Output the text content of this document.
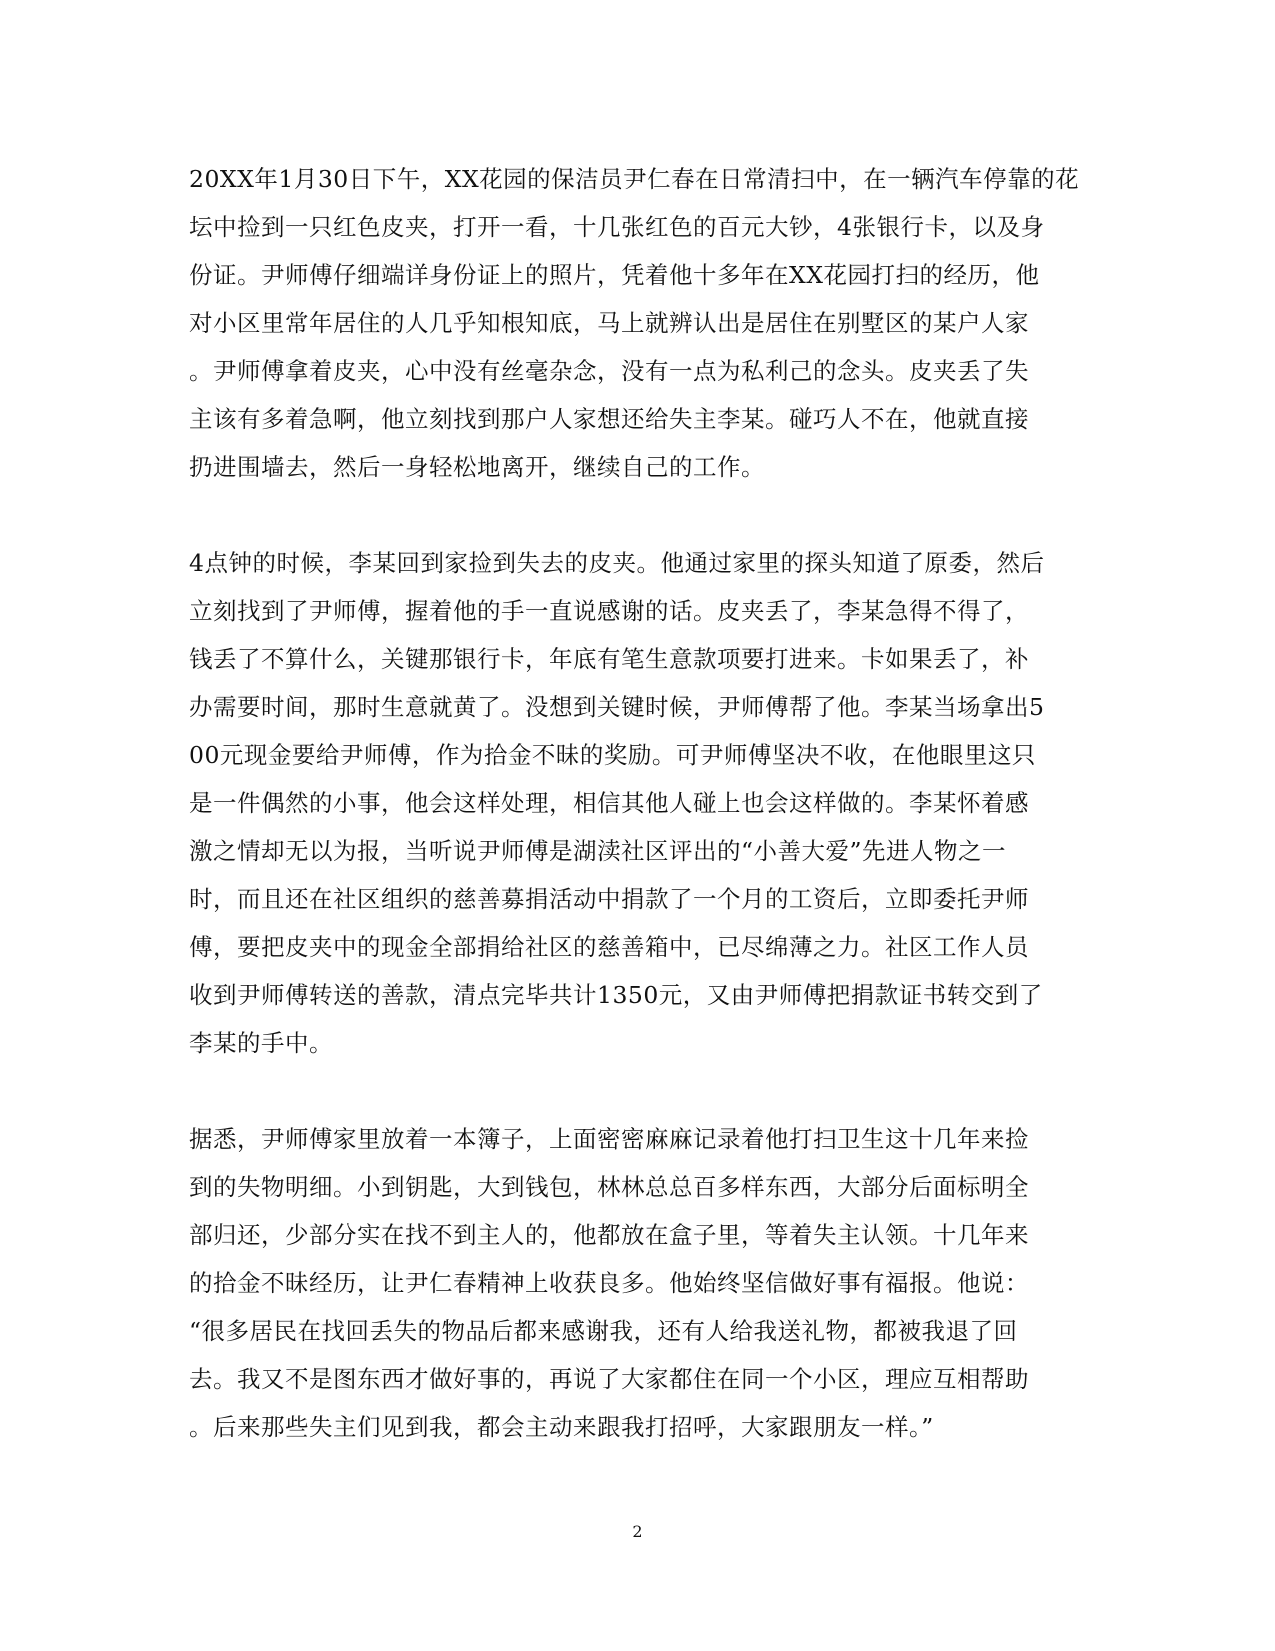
20XX年1月30日下午，XX花园的保洁员尹仁春在日常清扫中，在一辆汽车停靠的花
坛中捡到一只红色皮夹，打开一看，十几张红色的百元大钞，4张银行卡，以及身
份证。尹师傅仔细端详身份证上的照片，凭着他十多年在XX花园打扫的经历，他
对小区里常年居住的人几乎知根知底，马上就辨认出是居住在别墅区的某户人家
。尹师傅拿着皮夹，心中没有丝毫杂念，没有一点为私利己的念头。皮夹丢了失
主该有多着急啊，他立刻找到那户人家想还给失主李某。碰巧人不在，他就直接
扔进围墙去，然后一身轻松地离开，继续自己的工作。

4点钟的时候，李某回到家捡到失去的皮夹。他通过家里的探头知道了原委，然后
立刻找到了尹师傅，握着他的手一直说感谢的话。皮夹丢了，李某急得不得了，
钱丢了不算什么，关键那银行卡，年底有笔生意款项要打进来。卡如果丢了，补
办需要时间，那时生意就黄了。没想到关键时候，尹师傅帮了他。李某当场拿出5
00元现金要给尹师傅，作为拾金不昧的奖励。可尹师傅坚决不收，在他眼里这只
是一件偶然的小事，他会这样处理，相信其他人碰上也会这样做的。李某怀着感
激之情却无以为报，当听说尹师傅是湖渎社区评出的“小善大爱”先进人物之一
时，而且还在社区组织的慈善募捐活动中捐款了一个月的工资后，立即委托尹师
傅，要把皮夹中的现金全部捐给社区的慈善箱中，已尽绵薄之力。社区工作人员
收到尹师傅转送的善款，清点完毕共计1350元，又由尹师傅把捐款证书转交到了
李某的手中。

据悉，尹师傅家里放着一本簿子，上面密密麻麻记录着他打扫卫生这十几年来捡
到的失物明细。小到钥匙，大到钱包，林林总总百多样东西，大部分后面标明全
部归还，少部分实在找不到主人的，他都放在盒子里，等着失主认领。十几年来
的拾金不昧经历，让尹仁春精神上收获良多。他始终坚信做好事有福报。他说：
“很多居民在找回丢失的物品后都来感谢我，还有人给我送礼物，都被我退了回
去。我又不是图东西才做好事的，再说了大家都住在同一个小区，理应互相帮助
。后来那些失主们见到我，都会主动来跟我打招呼，大家跟朋友一样。”

2
